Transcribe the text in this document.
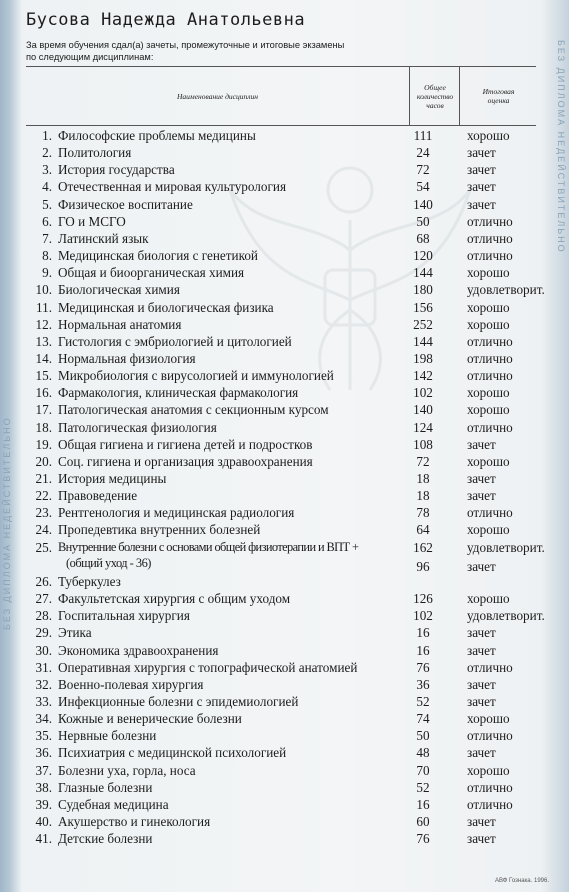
БЕЗ ДИПЛОМА НЕДЕЙСТВИТЕЛЬНО
БЕЗ ДИПЛОМА НЕДЕЙСТВИТЕЛЬНО
Бусова Надежда Анатольевна
За время обучения сдал(а) зачеты, промежуточные и итоговые экзамены
по следующим дисциплинам:
Наименование дисциплин
Общее
количество
часов
Итоговая
оценка
1. Философские проблемы медицины	111	хорошо
2. Политология	24	зачет
3. История государства	72	зачет
4. Отечественная и мировая культурология	54	зачет
5. Физическое воспитание	140	зачет
6. ГО и МСГО	50	отлично
7. Латинский язык	68	отлично
8. Медицинская биология с генетикой	120	отлично
9. Общая и биоорганическая химия	144	хорошо
10. Биологическая химия	180	удовлетворит.
11. Медицинская и биологическая физика	156	хорошо
12. Нормальная анатомия	252	хорошо
13. Гистология с эмбриологией и цитологией	144	отлично
14. Нормальная физиология	198	отлично
15. Микробиология с вирусологией и иммунологией	142	отлично
16. Фармакология, клиническая фармакология	102	хорошо
17. Патологическая анатомия с секционным курсом	140	хорошо
18. Патологическая физиология	124	отлично
19. Общая гигиена и гигиена детей и подростков	108	зачет
20. Соц. гигиена и организация здравоохранения	72	хорошо
21. История медицины	18	зачет
22. Правоведение	18	зачет
23. Рентгенология и медицинская радиология	78	отлично
24. Пропедевтика внутренних болезней	64	хорошо
25. Внутренние болезни с основами общей физиотерапии и ВПТ +	162	удовлетворит.
(общий уход - 36)	96	зачет
26. Туберкулез
27. Факультетская хирургия с общим уходом	126	хорошо
28. Госпитальная хирургия	102	удовлетворит.
29. Этика	16	зачет
30. Экономика здравоохранения	16	зачет
31. Оперативная хирургия с топографической анатомией	76	отлично
32. Военно-полевая хирургия	36	зачет
33. Инфекционные болезни с эпидемиологией	52	зачет
34. Кожные и венерические болезни	74	хорошо
35. Нервные болезни	50	отлично
36. Психиатрия с медицинской психологией	48	зачет
37. Болезни уха, горла, носа	70	хорошо
38. Глазные болезни	52	отлично
39. Судебная медицина	16	отлично
40. Акушерство и гинекология	60	зачет
41. Детские болезни	76	зачет
АВФ Гознака. 1996.
